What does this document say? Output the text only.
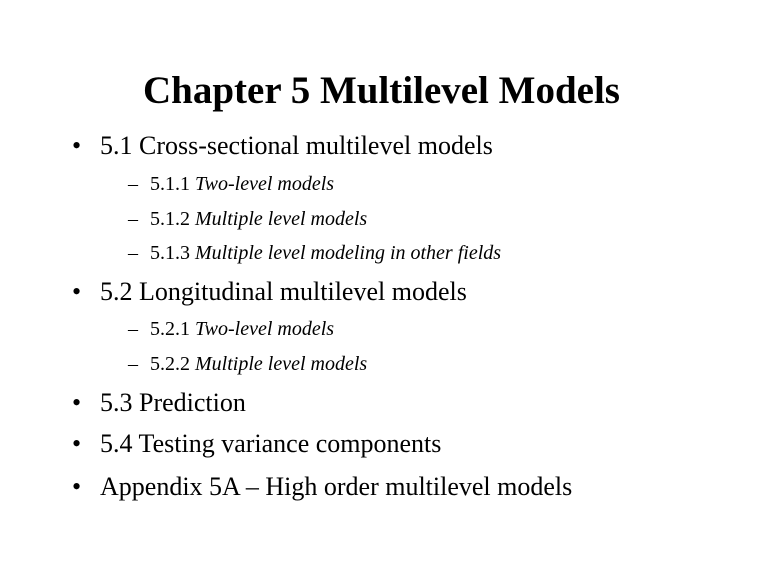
Chapter 5 Multilevel Models
• 5.1 Cross-sectional multilevel models
– 5.1.1 Two-level models
– 5.1.2 Multiple level models
– 5.1.3 Multiple level modeling in other fields
• 5.2 Longitudinal multilevel models
– 5.2.1 Two-level models
– 5.2.2 Multiple level models
• 5.3 Prediction
• 5.4 Testing variance components
• Appendix 5A – High order multilevel models
